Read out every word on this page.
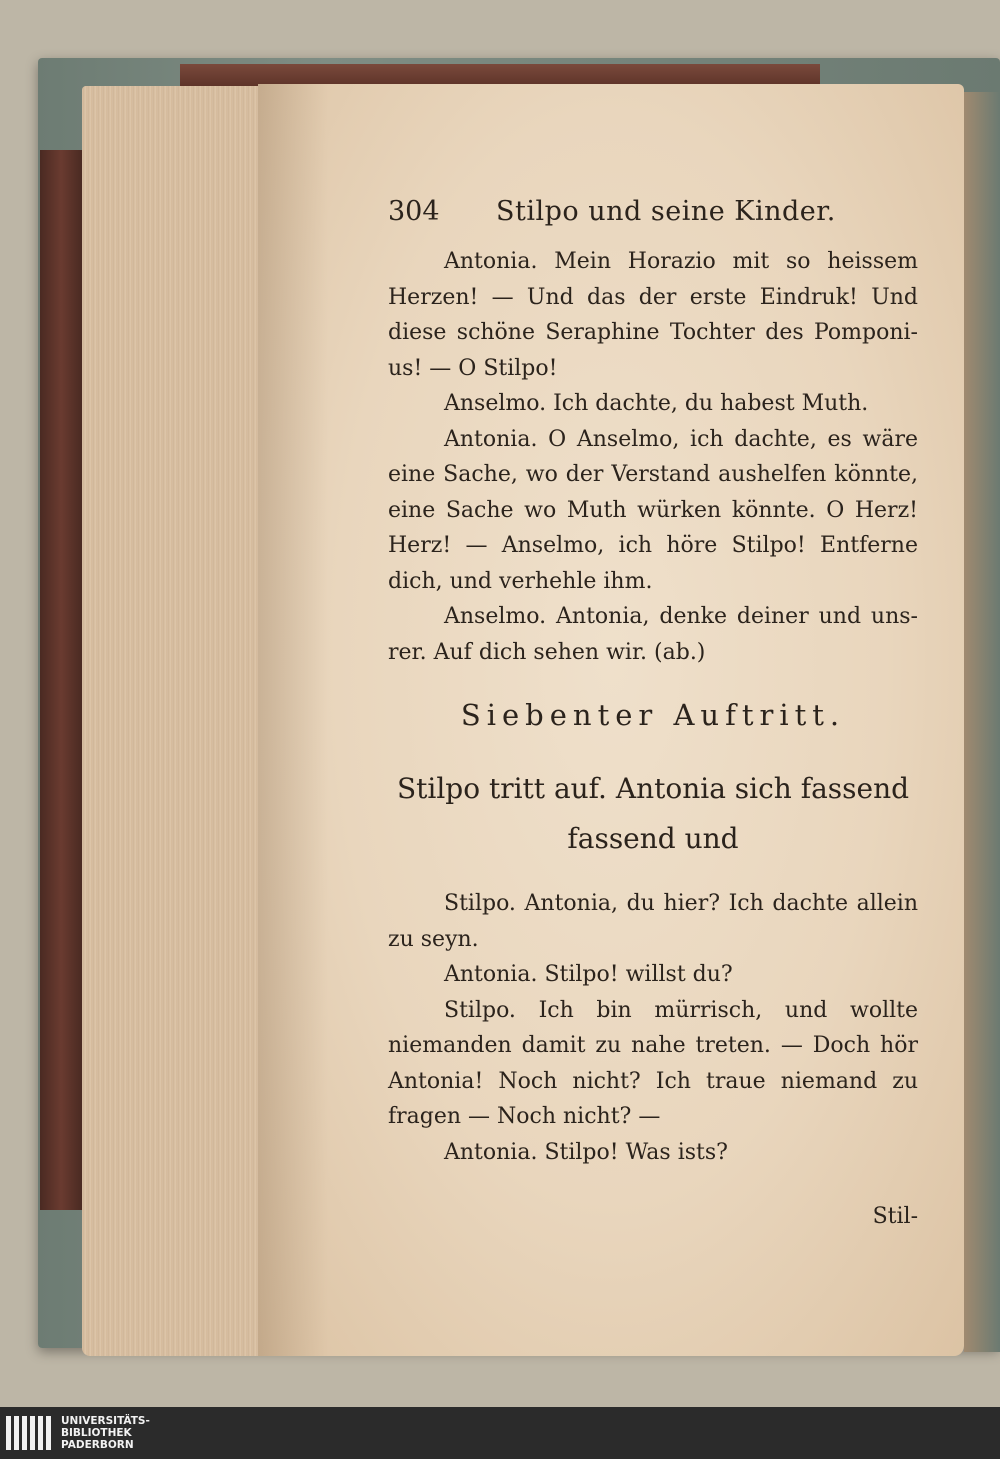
304	Stilpo und seine Kinder.
Antonia. Mein Horazio mit so heissem
Herzen! — Und das der erste Eindruk! Und
diese schöne Seraphine Tochter des Pomponi-
us! — O Stilpo!
Anselmo. Ich dachte, du habest Muth.
Antonia. O Anselmo, ich dachte, es wäre
eine Sache, wo der Verstand aushelfen könnte,
eine Sache wo Muth würken könnte. O Herz!
Herz! — Anselmo, ich höre Stilpo! Entferne
dich, und verhehle ihm.
Anselmo. Antonia, denke deiner und uns-
rer. Auf dich sehen wir. (ab.)
Siebenter Auftritt.
Stilpo tritt auf. Antonia sich fassend
fassend und
Stilpo. Antonia, du hier? Ich dachte allein
zu seyn.
Antonia. Stilpo! willst du?
Stilpo. Ich bin mürrisch, und wollte
niemanden damit zu nahe treten. — Doch hör
Antonia! Noch nicht? Ich traue niemand zu
fragen — Noch nicht? —
Antonia. Stilpo! Was ists?
Stil-
UNIVERSITÄTS-
BIBLIOTHEK
PADERBORN
